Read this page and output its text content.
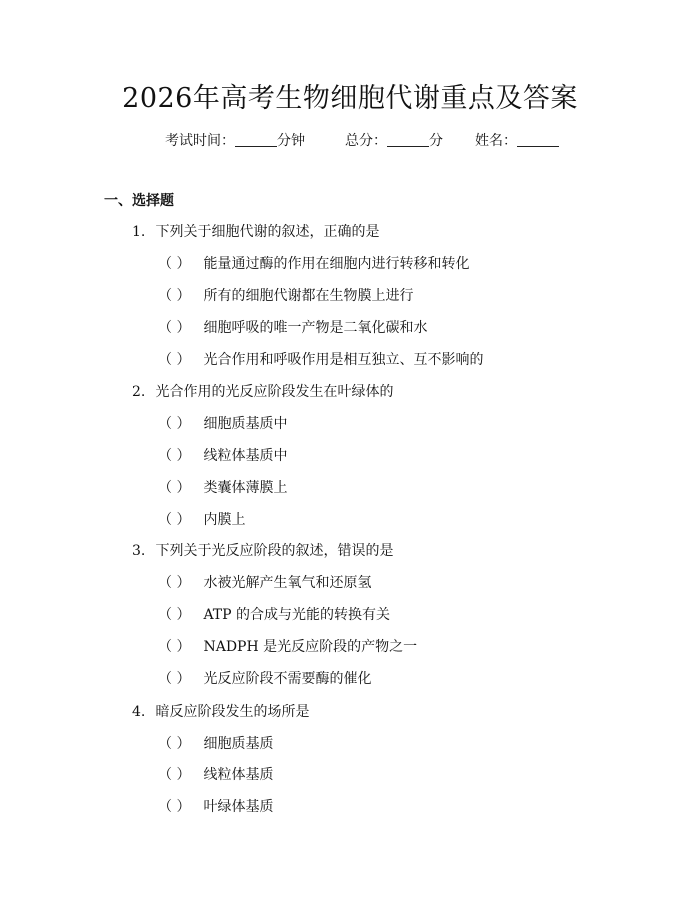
2026年高考生物细胞代谢重点及答案
考试时间：	分钟	总分：	分 姓名：
一、选择题
1. 下列关于细胞代谢的叙述，正确的是
（ ） 能量通过酶的作用在细胞内进行转移和转化
（ ） 所有的细胞代谢都在生物膜上进行
（ ） 细胞呼吸的唯一产物是二氧化碳和水
（ ） 光合作用和呼吸作用是相互独立、互不影响的
2. 光合作用的光反应阶段发生在叶绿体的
（ ） 细胞质基质中
（ ） 线粒体基质中
（ ） 类囊体薄膜上
（ ） 内膜上
3. 下列关于光反应阶段的叙述，错误的是
（ ） 水被光解产生氧气和还原氢
（ ） ATP 的合成与光能的转换有关
（ ） NADPH 是光反应阶段的产物之一
（ ） 光反应阶段不需要酶的催化
4. 暗反应阶段发生的场所是
（ ） 细胞质基质
（ ） 线粒体基质
（ ） 叶绿体基质
